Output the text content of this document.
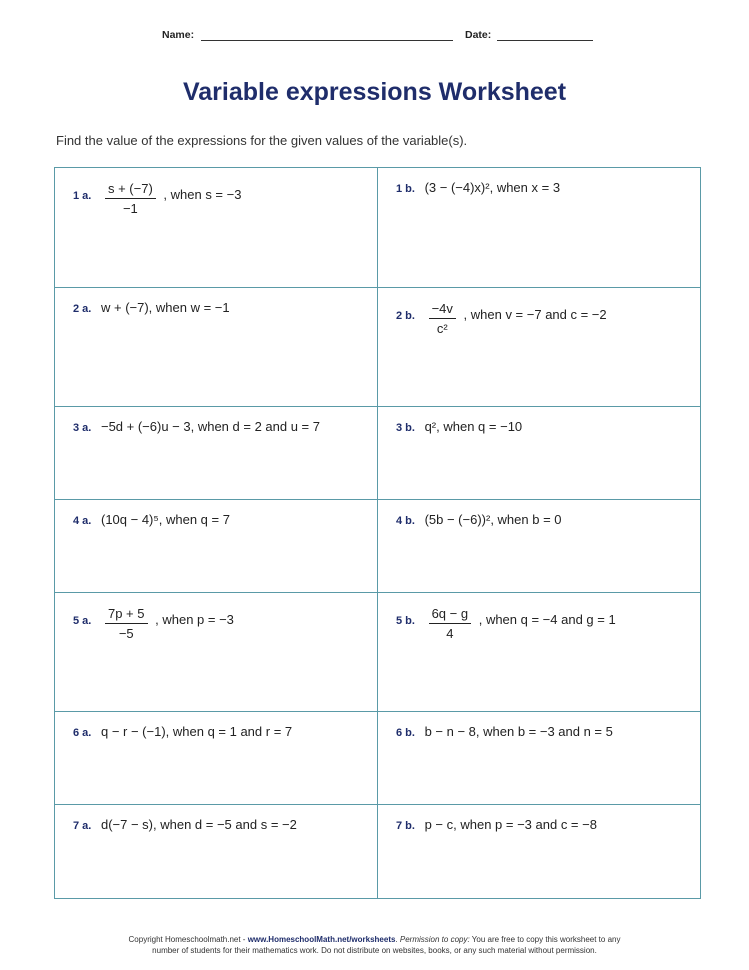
Name:	Date:
Variable expressions Worksheet
Find the value of the expressions for the given values of the variable(s).
1 a. $\frac{s + (-7)}{-1}$ , when s = −3	1 b. (3 − (−4)x)², when x = 3

2 a. w + (−7), when w = −1	2 b. $\frac{-4v}{\text{c²}}$ , when v = −7 and c = −2

3 a. −5d + (−6)u − 3, when d = 2 and u = 7	3 b. q², when q = −10

4 a. (10q − 4)⁵, when q = 7	4 b. (5b − (−6))², when b = 0

5 a. $\frac{7p + 5}{-5}$ , when p = −3	5 b. $\frac{6q - g}{4}$ , when q = −4 and g = 1

6 a. q − r − (−1), when q = 1 and r = 7	6 b. b − n − 8, when b = −3 and n = 5

7 a. d(−7 − s), when d = −5 and s = −2	7 b. p − c, when p = −3 and c = −8
Copyright Homeschoolmath.net - www.HomeschoolMath.net/worksheets. Permission to copy: You are free to copy this worksheet to any
number of students for their mathematics work. Do not distribute on websites, books, or any such material without permission.
